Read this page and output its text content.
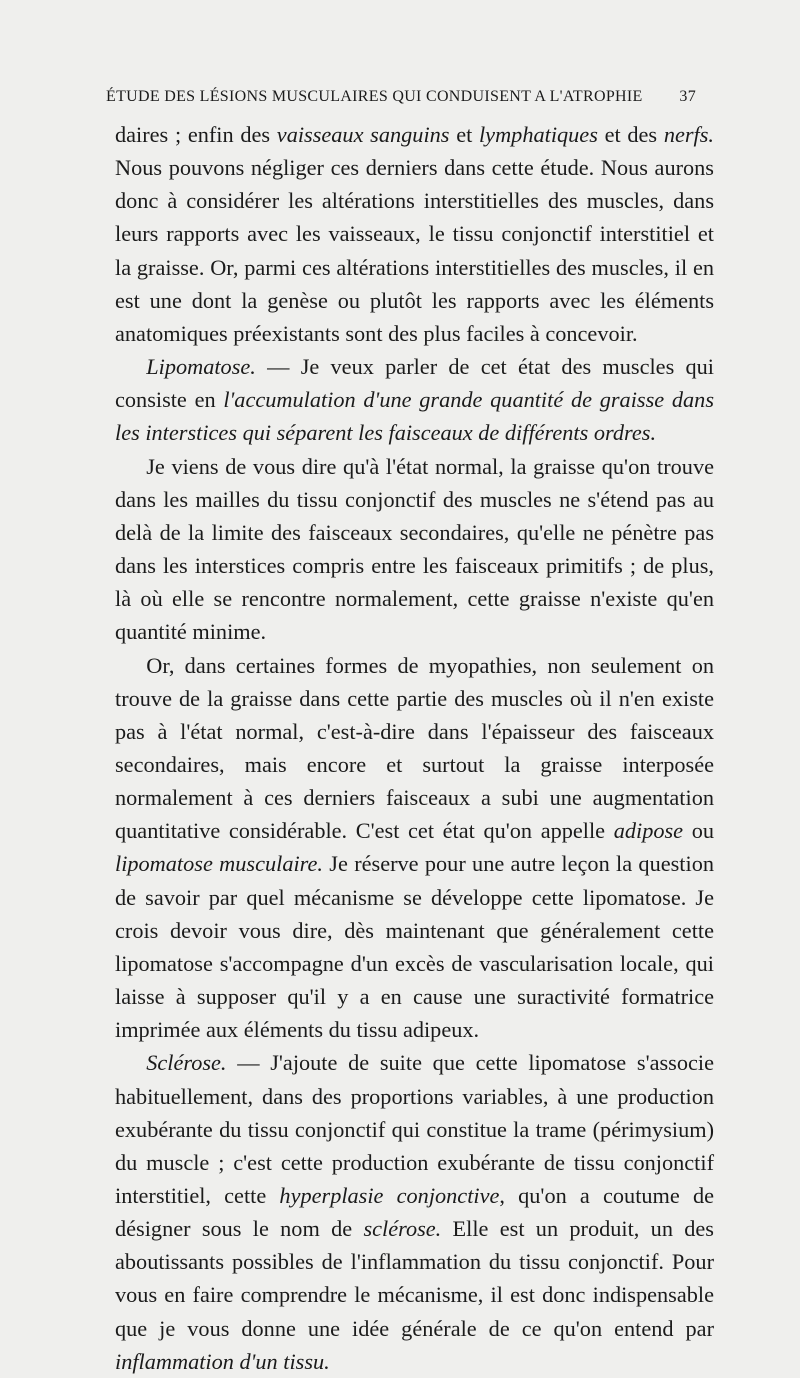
ÉTUDE DES LÉSIONS MUSCULAIRES QUI CONDUISENT A L'ATROPHIE 37

daires ; enfin des vaisseaux sanguins et lymphatiques et des nerfs. Nous pouvons négliger ces derniers dans cette étude. Nous aurons donc à considérer les altérations interstitielles des muscles, dans leurs rapports avec les vaisseaux, le tissu conjonctif interstitiel et la graisse. Or, parmi ces altérations interstitielles des muscles, il en est une dont la genèse ou plutôt les rapports avec les éléments anatomiques préexistants sont des plus faciles à concevoir.

Lipomatose. — Je veux parler de cet état des muscles qui consiste en l'accumulation d'une grande quantité de graisse dans les interstices qui séparent les faisceaux de différents ordres.

Je viens de vous dire qu'à l'état normal, la graisse qu'on trouve dans les mailles du tissu conjonctif des muscles ne s'étend pas au delà de la limite des faisceaux secondaires, qu'elle ne pénètre pas dans les interstices compris entre les faisceaux primitifs ; de plus, là où elle se rencontre normalement, cette graisse n'existe qu'en quantité minime.

Or, dans certaines formes de myopathies, non seulement on trouve de la graisse dans cette partie des muscles où il n'en existe pas à l'état normal, c'est-à-dire dans l'épaisseur des faisceaux secondaires, mais encore et surtout la graisse interposée normalement à ces derniers faisceaux a subi une augmentation quantitative considérable. C'est cet état qu'on appelle adipose ou lipomatose musculaire. Je réserve pour une autre leçon la question de savoir par quel mécanisme se développe cette lipomatose. Je crois devoir vous dire, dès maintenant que généralement cette lipomatose s'accompagne d'un excès de vascularisation locale, qui laisse à supposer qu'il y a en cause une suractivité formatrice imprimée aux éléments du tissu adipeux.

Sclérose. — J'ajoute de suite que cette lipomatose s'associe habituellement, dans des proportions variables, à une production exubérante du tissu conjonctif qui constitue la trame (périmysium) du muscle ; c'est cette production exubérante de tissu conjonctif interstitiel, cette hyperplasie conjonctive, qu'on a coutume de désigner sous le nom de sclérose. Elle est un produit, un des aboutissants possibles de l'inflammation du tissu conjonctif. Pour vous en faire comprendre le mécanisme, il est donc indispensable que je vous donne une idée générale de ce qu'on entend par inflammation d'un tissu.
